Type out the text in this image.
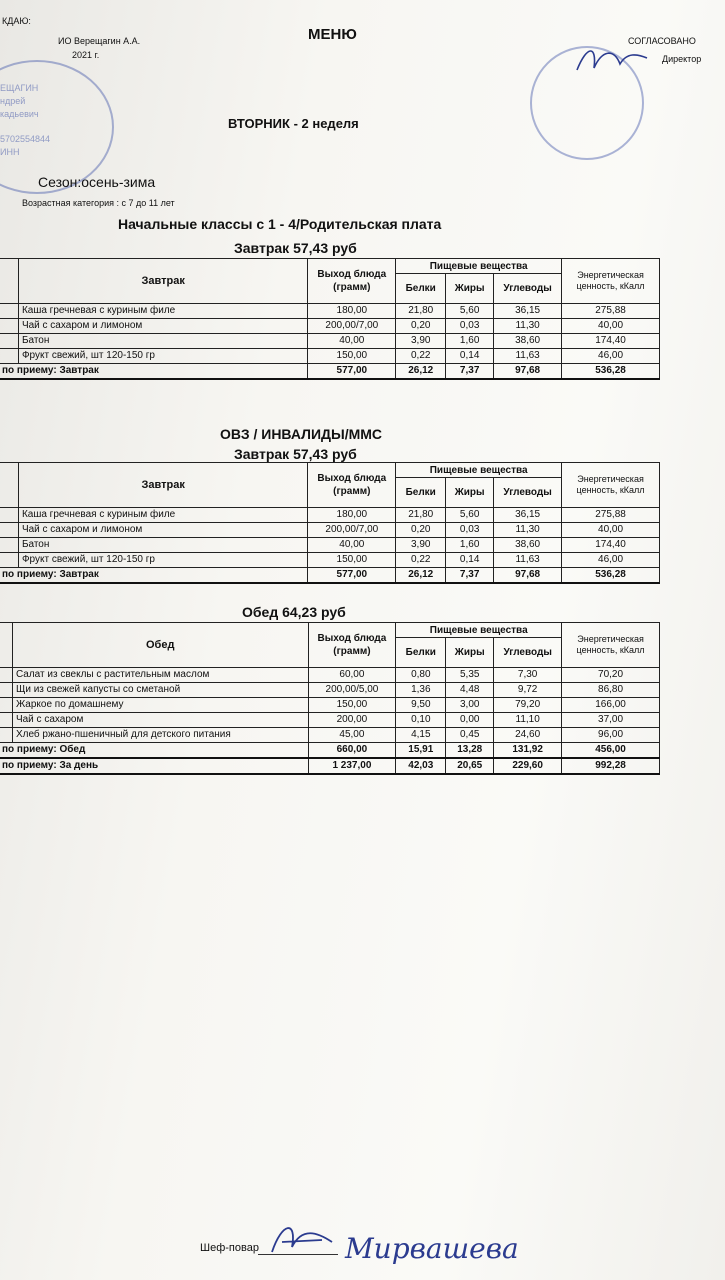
КДАЮ:
ИО Верещагин А.А.
2021 г.
ЕЩАГИН
ндрей
кадьевич
5702554844
ИНН
МЕНЮ	СОГЛАСОВАНО
Директор
ВТОРНИК - 2 неделя
Сезон:осень-зима
Возрастная категория : с 7 до 11 лет
Начальные классы с 1 - 4/Родительская плата
Завтрак 57,43 руб
	Завтрак	Выход блюда (грамм)	Пищевые вещества			Энергетическая ценность, кКалл
			Белки	Жиры	Углеводы	
	Каша гречневая с куриным филе	180,00	21,80	5,60	36,15	275,88
	Чай с сахаром и лимоном	200,00/7,00	0,20	0,03	11,30	40,00
	Батон	40,00	3,90	1,60	38,60	174,40
	Фрукт свежий, шт 120-150 гр	150,00	0,22	0,14	11,63	46,00
по приему: Завтрак		577,00	26,12	7,37	97,68	536,28
ОВЗ / ИНВАЛИДЫ/ММС
Завтрак 57,43 руб
	Завтрак	Выход блюда (грамм)	Пищевые вещества			Энергетическая ценность, кКалл
			Белки	Жиры	Углеводы	
	Каша гречневая с куриным филе	180,00	21,80	5,60	36,15	275,88
	Чай с сахаром и лимоном	200,00/7,00	0,20	0,03	11,30	40,00
	Батон	40,00	3,90	1,60	38,60	174,40
	Фрукт свежий, шт 120-150 гр	150,00	0,22	0,14	11,63	46,00
по приему: Завтрак		577,00	26,12	7,37	97,68	536,28
Обед 64,23 руб
	Обед	Выход блюда (грамм)	Пищевые вещества			Энергетическая ценность, кКалл
			Белки	Жиры	Углеводы	
	Салат из свеклы с растительным маслом	60,00	0,80	5,35	7,30	70,20
	Щи из свежей капусты со сметаной	200,00/5,00	1,36	4,48	9,72	86,80
	Жаркое по домашнему	150,00	9,50	3,00	79,20	166,00
	Чай с сахаром	200,00	0,10	0,00	11,10	37,00
	Хлеб ржано-пшеничный для детского питания	45,00	4,15	0,45	24,60	96,00
по приему: Обед		660,00	15,91	13,28	131,92	456,00
по приему: За день		1 237,00	42,03	20,65	229,60	992,28
Шеф-повар	Мирвашева
